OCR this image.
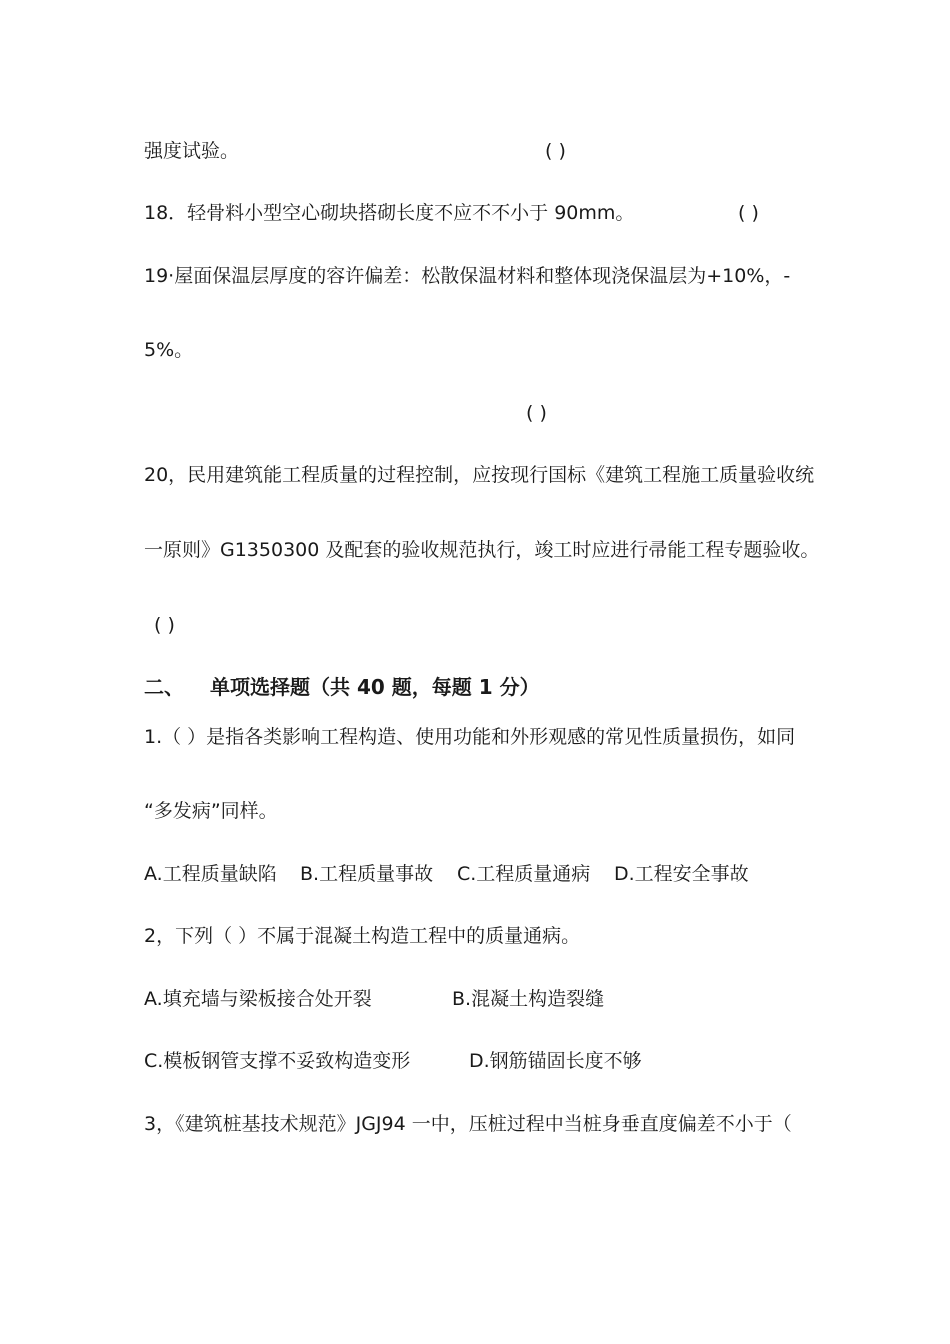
强度试验。	( )
18．轻骨料小型空心砌块搭砌长度不应不不小于 90mm。	( )
19·屋面保温层厚度的容许偏差：松散保温材料和整体现浇保温层为+10%，-
5%。
( )
20，民用建筑能工程质量的过程控制，应按现行国标《建筑工程施工质量验收统
一原则》G1350300 及配套的验收规范执行，竣工时应进行帚能工程专题验收。
( )
二、 单项选择题（共 40 题，每题 1 分）
1.（ ）是指各类影响工程构造、使用功能和外形观感的常见性质量损伤，如同
“多发病”同样。
A.工程质量缺陷 B.工程质量事故 C.工程质量通病 D.工程安全事故
2，下列（ ）不属于混凝土构造工程中的质量通病。
A.填充墙与梁板接合处开裂	B.混凝土构造裂缝
C.模板钢管支撑不妥致构造变形	D.钢筋锚固长度不够
3，《建筑桩基技术规范》JGJ94 一中，压桩过程中当桩身垂直度偏差不小于（
